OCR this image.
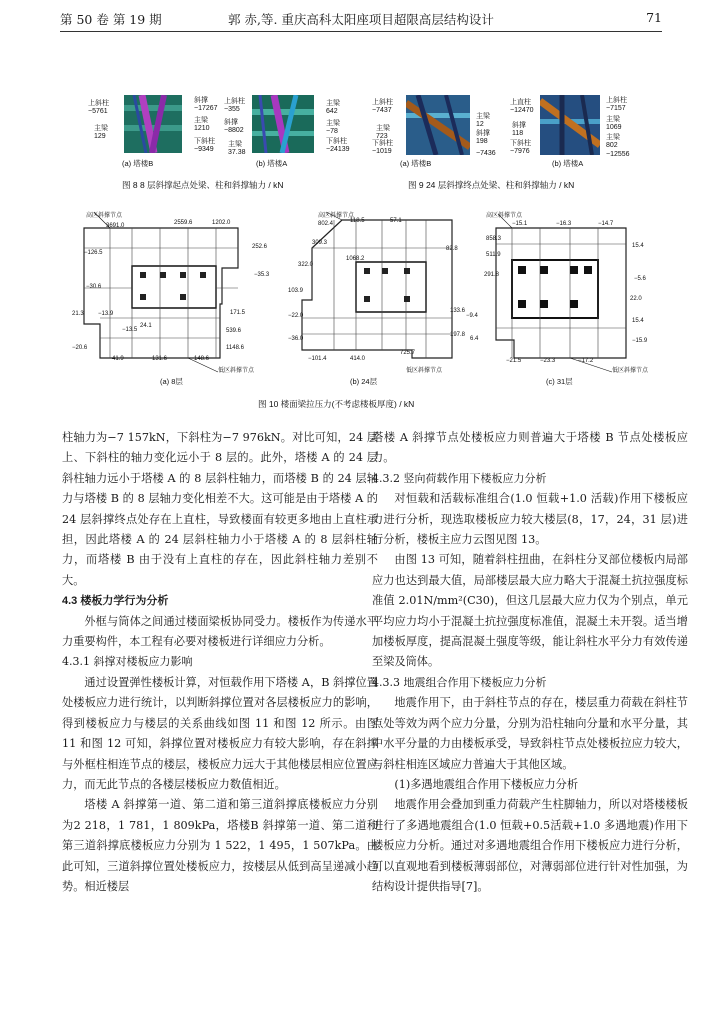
第 50 卷 第 19 期	郭 赤,等. 重庆高科太阳座项目超限高层结构设计	71
上斜柱
−5761
主梁
129
斜撑
−17267
主梁
1210
下斜柱
−9349
(a) 塔楼B
上斜柱
−355
斜撑
−8802
主梁
37.38
主梁
642
主梁
−78
下斜柱
−24139
(b) 塔楼A
图 8 8 层斜撑起点处梁、柱和斜撑轴力 / kN
上斜柱
−7437
主梁
723
下斜柱
−1019
主梁
12
斜撑
198
−7436
(a) 塔楼B
上直柱
−12470
斜撑
118
下斜柱
−7976
上斜柱
−7157
主梁
1069
主梁
802
−12556
(b) 塔楼A
图 9 24 层斜撑终点处梁、柱和斜撑轴力 / kN
高区斜撑节点
低区斜撑节点
3691.0	2559.6	1202.0
−126.5
−30.6
252.6
−35.3
21.3 −13.9
−13.5
24.1
171.5
539.6
−20.6	1148.6
41.9	131.6	148.6
(a) 8层
高区斜撑节点
低区斜撑节点
802.4	118.5	57.1
309.3
1068.2
82.8
322.0
103.9
133.6
−22.0
−36.0
197.8
−101.4	414.0
725.7
(b) 24层
高区斜撑节点
低区斜撑节点
−15.1	−16.3	−14.7
858.3
15.4
511.9
291.8
−5.6
22.0
−9.4
15.4
6.4	−15.9
−21.5	−23.3	−17.2
(c) 31层
图 10 楼面梁拉压力(不考虑楼板厚度) / kN

柱轴力为−7 157kN，下斜柱为−7 976kN。对比可知，24 层上、下斜柱的轴力变化远小于 8 层的。此外，塔楼 A 的 24 层斜柱轴力远小于塔楼 A 的 8 层斜柱轴力，而塔楼 B 的 24 层轴力与塔楼 B 的 8 层轴力变化相差不大。这可能是由于塔楼 A 的 24 层斜撑终点处存在上直柱，导致楼面有较更多地由上直柱承担，因此塔楼 A 的 24 层斜柱轴力小于塔楼 A 的 8 层斜柱轴力，而塔楼 B 由于没有上直柱的存在，因此斜柱轴力差别不大。

4.3 楼板力学行为分析

外框与筒体之间通过楼面梁板协同受力。楼板作为传递水平力重要构件，本工程有必要对楼板进行详细应力分析。

4.3.1 斜撑对楼板应力影响

通过设置弹性楼板计算，对恒载作用下塔楼 A，B 斜撑位置处楼板应力进行统计，以判断斜撑位置对各层楼板应力的影响，得到楼板应力与楼层的关系曲线如图 11 和图 12 所示。由图 11 和图 12 可知，斜撑位置对楼板应力有较大影响，存在斜撑与外框柱相连节点的楼层，楼板应力远大于其他楼层相应位置应力，而无此节点的各楼层楼板应力数值相近。

塔楼 A 斜撑第一道、第二道和第三道斜撑底楼板应力分别为2 218，1 781，1 809kPa，塔楼B 斜撑第一道、第二道和第三道斜撑底楼板应力分别为 1 522，1 495，1 507kPa。由此可知，三道斜撑位置处楼板应力，按楼层从低到高呈递减小趋势。相近楼层

塔楼 A 斜撑节点处楼板应力则普遍大于塔楼 B 节点处楼板应力。

4.3.2 竖向荷载作用下楼板应力分析

对恒载和活载标准组合(1.0 恒载+1.0 活载)作用下楼板应力进行分析，现选取楼板应力较大楼层(8，17，24，31 层)进行分析，楼板主应力云图见图 13。

由图 13 可知，随着斜柱扭曲，在斜柱分叉部位楼板内局部应力也达到最大值，局部楼层最大应力略大于混凝土抗拉强度标准值 2.01N/mm²(C30)，但这几层最大应力仅为个别点，单元平均应力均小于混凝土抗拉强度标准值，混凝土未开裂。适当增加楼板厚度，提高混凝土强度等级，能让斜柱水平分力有效传递至梁及筒体。

4.3.3 地震组合作用下楼板应力分析

地震作用下，由于斜柱节点的存在，楼层重力荷载在斜柱节点处等效为两个应力分量，分别为沿柱轴向分量和水平分量，其中水平分量的力由楼板承受，导致斜柱节点处楼板拉应力较大，与斜柱相连区域应力普遍大于其他区域。

(1)多遇地震组合作用下楼板应力分析

地震作用会叠加到重力荷载产生柱脚轴力，所以对塔楼楼板进行了多遇地震组合(1.0 恒载+0.5活载+1.0 多遇地震)作用下楼板应力分析。通过对多遇地震组合作用下楼板应力进行分析，可以直观地看到楼板薄弱部位，对薄弱部位进行针对性加强，为结构设计提供指导[7]。
